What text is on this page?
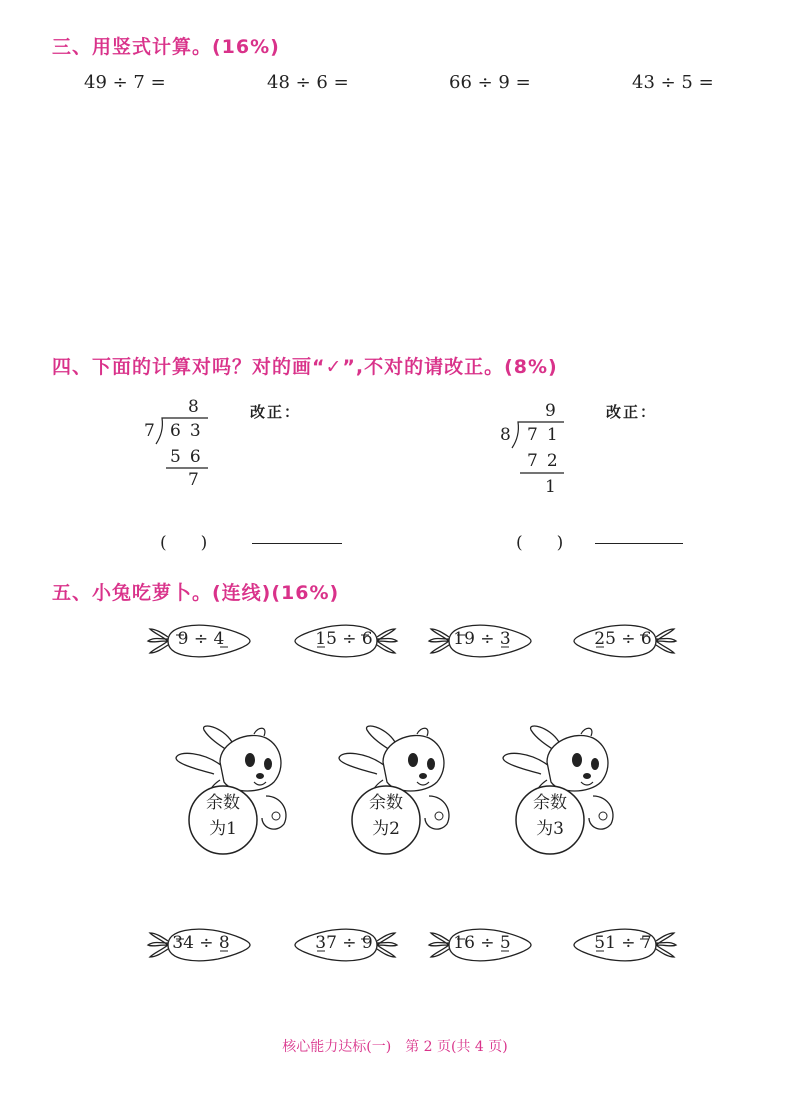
三、用竖式计算。(16%)
49 ÷ 7 =	48 ÷ 6 =	66 ÷ 9 =	43 ÷ 5 =
四、下面的计算对吗？对的画“✓”,不对的请改正。(8%)
8
7 63
56
7
改正：
(　　)
9
8 71
72
1
改正：
(　　)
五、小兔吃萝卜。(连线)(16%)
9 ÷ 4	15 ÷ 6	19 ÷ 3	25 ÷ 6
余数
为1
余数
为2
余数
为3
34 ÷ 8	37 ÷ 9	16 ÷ 5	51 ÷ 7
核心能力达标(一)　第 2 页(共 4 页)
